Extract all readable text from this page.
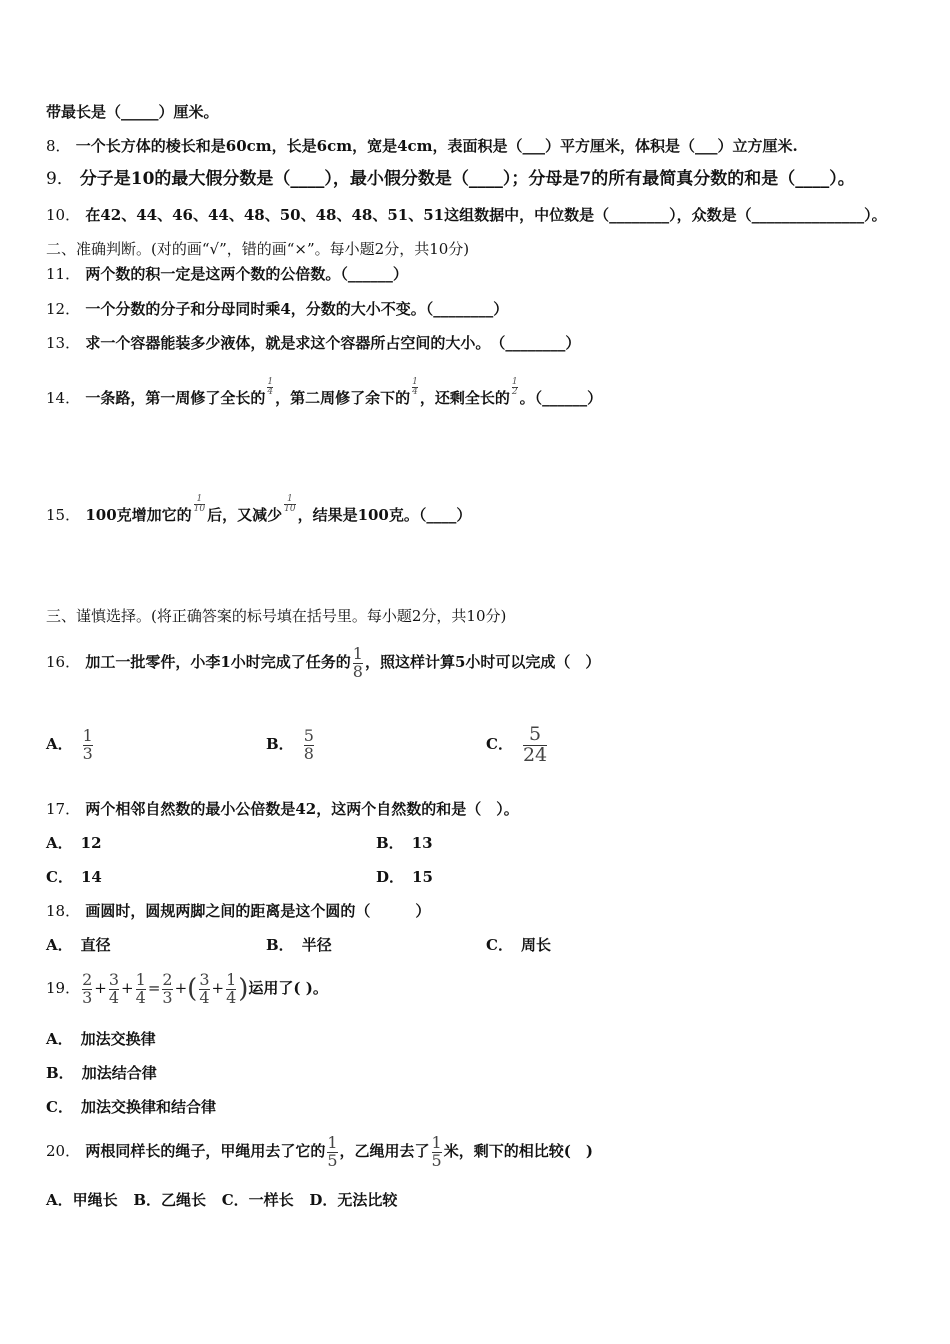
带最长是（_____）厘米。
8． 一个长方体的棱长和是60cm，长是6cm，宽是4cm，表面积是（___）平方厘米，体积是（___）立方厘米.
9． 分子是10的最大假分数是（____），最小假分数是（____）；分母是7的所有最简真分数的和是（____）。
10． 在42、44、46、44、48、50、48、48、51、51这组数据中，中位数是（________），众数是（_______________）。
二、准确判断。(对的画“√”，错的画“×”。每小题2分，共10分)
11． 两个数的积一定是这两个数的公倍数。（______）
12． 一个分数的分子和分母同时乘4，分数的大小不变。（________）
13． 求一个容器能装多少液体，就是求这个容器所占空间的大小。　（________）
14． 一条路，第一周修了全长的
$\frac{1}{4}$
，第二周修了余下的
$\frac{1}{4}$
，还剩全长的
$\frac{1}{2}$
。（______）
15． 100克增加它的
$\frac{1}{10}$
后，又减少
$\frac{1}{10}$
，结果是100克。（____）
三、谨慎选择。(将正确答案的标号填在括号里。每小题2分，共10分)
16． 加工一批零件，小李1小时完成了任务的 $\frac{1}{8}$ ，照这样计算5小时可以完成（　）
A． $\frac{1}{3}$	B． $\frac{5}{8}$	C． $\frac{5}{24}$
17． 两个相邻自然数的最小公倍数是42，这两个自然数的和是（　）。
A． 12	B． 13
C． 14	D． 15
18． 画圆时，圆规两脚之间的距离是这个圆的（　　　）
A． 直径	B． 半径	C． 周长
19． $\frac{2}{3} + \frac{3}{4} + \frac{1}{4} = \frac{2}{3}$ +( $\frac{3}{4} + \frac{1}{4}$ )运用了( )。
A． 加法交换律
B． 加法结合律
C． 加法交换律和结合律
20． 两根同样长的绳子，甲绳用去了它的 $\frac{1}{5}$ ，乙绳用去了 $\frac{1}{5}$ 米，剩下的相比较(　)
A．甲绳长 B．乙绳长 C．一样长 D．无法比较
